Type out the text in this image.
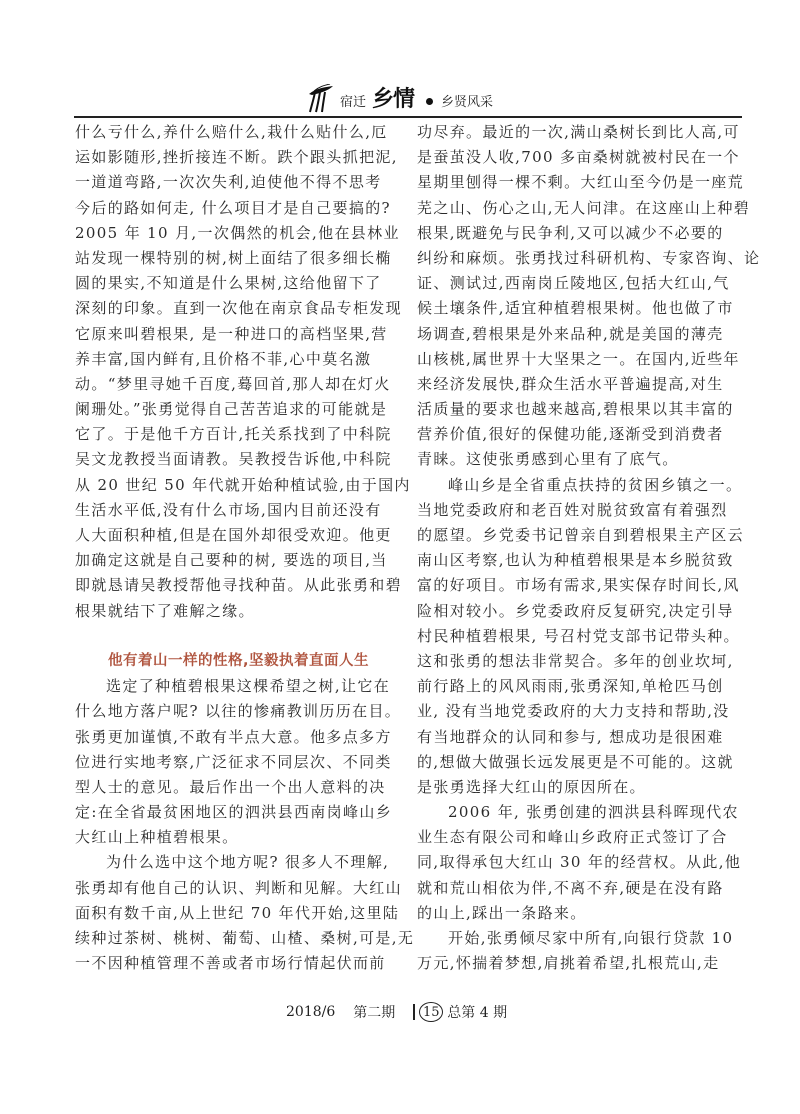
宿迁 乡情 乡贤风采
什么亏什么,养什么赔什么,栽什么贴什么,厄
运如影随形,挫折接连不断。跌个跟头抓把泥,
一道道弯路,一次次失利,迫使他不得不思考
今后的路如何走, 什么项目才是自己要搞的?
2005 年 10 月,一次偶然的机会,他在县林业
站发现一棵特别的树,树上面结了很多细长椭
圆的果实,不知道是什么果树,这给他留下了
深刻的印象。直到一次他在南京食品专柜发现
它原来叫碧根果, 是一种进口的高档坚果,营
养丰富,国内鲜有,且价格不菲,心中莫名激
动。“梦里寻她千百度,蓦回首,那人却在灯火
阑珊处。”张勇觉得自己苦苦追求的可能就是
它了。于是他千方百计,托关系找到了中科院
吴文龙教授当面请教。吴教授告诉他,中科院
从 20 世纪 50 年代就开始种植试验,由于国内
生活水平低,没有什么市场,国内目前还没有
人大面积种植,但是在国外却很受欢迎。他更
加确定这就是自己要种的树, 要选的项目,当
即就恳请吴教授帮他寻找种苗。从此张勇和碧
根果就结下了难解之缘。
他有着山一样的性格,坚毅执着直面人生
选定了种植碧根果这棵希望之树,让它在
什么地方落户呢? 以往的惨痛教训历历在目。
张勇更加谨慎,不敢有半点大意。他多点多方
位进行实地考察,广泛征求不同层次、不同类
型人士的意见。最后作出一个出人意料的决
定:在全省最贫困地区的泗洪县西南岗峰山乡
大红山上种植碧根果。
为什么选中这个地方呢? 很多人不理解,
张勇却有他自己的认识、判断和见解。大红山
面积有数千亩,从上世纪 70 年代开始,这里陆
续种过茶树、桃树、葡萄、山楂、桑树,可是,无
一不因种植管理不善或者市场行情起伏而前
功尽弃。最近的一次,满山桑树长到比人高,可
是蚕茧没人收,700 多亩桑树就被村民在一个
星期里刨得一棵不剩。大红山至今仍是一座荒
芜之山、伤心之山,无人问津。在这座山上种碧
根果,既避免与民争利,又可以减少不必要的
纠纷和麻烦。张勇找过科研机构、专家咨询、论
证、测试过,西南岗丘陵地区,包括大红山,气
候土壤条件,适宜种植碧根果树。他也做了市
场调查,碧根果是外来品种,就是美国的薄壳
山核桃,属世界十大坚果之一。在国内,近些年
来经济发展快,群众生活水平普遍提高,对生
活质量的要求也越来越高,碧根果以其丰富的
营养价值,很好的保健功能,逐渐受到消费者
青睐。这使张勇感到心里有了底气。
峰山乡是全省重点扶持的贫困乡镇之一。
当地党委政府和老百姓对脱贫致富有着强烈
的愿望。乡党委书记曾亲自到碧根果主产区云
南山区考察,也认为种植碧根果是本乡脱贫致
富的好项目。市场有需求,果实保存时间长,风
险相对较小。乡党委政府反复研究,决定引导
村民种植碧根果, 号召村党支部书记带头种。
这和张勇的想法非常契合。多年的创业坎坷,
前行路上的风风雨雨,张勇深知,单枪匹马创
业, 没有当地党委政府的大力支持和帮助,没
有当地群众的认同和参与, 想成功是很困难
的,想做大做强长远发展更是不可能的。这就
是张勇选择大红山的原因所在。
2006 年, 张勇创建的泗洪县科晖现代农
业生态有限公司和峰山乡政府正式签订了合
同,取得承包大红山 30 年的经营权。从此,他
就和荒山相依为伴,不离不弃,硬是在没有路
的山上,踩出一条路来。
开始,张勇倾尽家中所有,向银行贷款 10
万元,怀揣着梦想,肩挑着希望,扎根荒山,走
2018/6 第二期 15 总第 4 期
